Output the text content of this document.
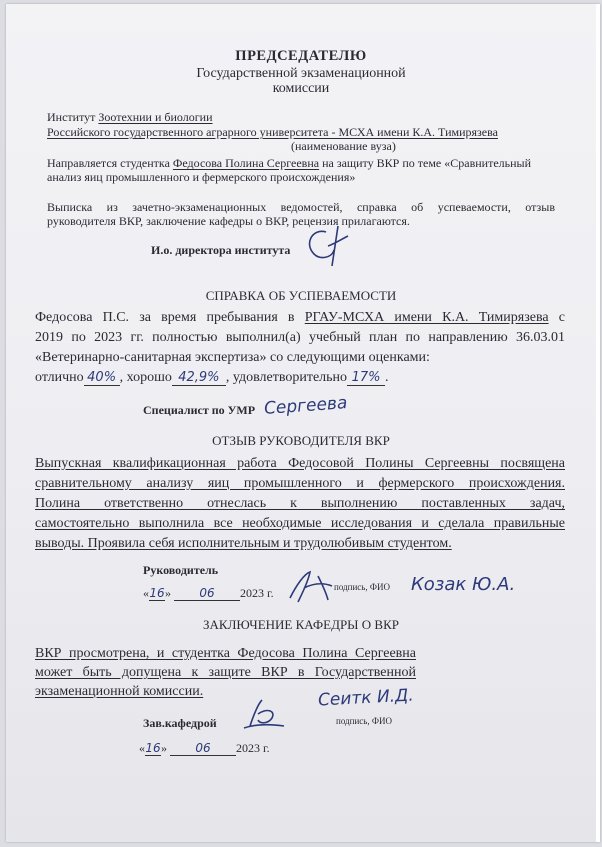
ПРЕДСЕДАТЕЛЮ
Государственной экзаменационной
комиссии
Институт Зоотехнии и биологии
Российского государственного аграрного университета - МСХА имени К.А. Тимирязева
(наименование вуза)
Направляется студентка Федосова Полина Сергеевна на защиту ВКР по теме «Сравнительный
анализ яиц промышленного и фермерского происхождения»
Выписка из зачетно-экзаменационных ведомостей, справка об успеваемости, отзыв
руководителя ВКР, заключение кафедры о ВКР, рецензия прилагаются.
И.о. директора института
СПРАВКА ОБ УСПЕВАЕМОСТИ
Федосова П.С. за время пребывания в РГАУ-МСХА имени К.А. Тимирязева с
2019 по 2023 гг. полностью выполнил(а) учебный план по направлению 36.03.01
«Ветеринарно-санитарная экспертиза» со следующими оценками:
отлично 40% , хорошо 42,9% , удовлетворительно 17% .
Специалист по УМР Сергеева
ОТЗЫВ РУКОВОДИТЕЛЯ ВКР
Выпускная квалификационная работа Федосовой Полины Сергеевны посвящена
сравнительному анализу яиц промышленного и фермерского происхождения.
Полина ответственно отнеслась к выполнению поставленных задач,
самостоятельно выполнила все необходимые исследования и сделала правильные
выводы. Проявила себя исполнительным и трудолюбивым студентом.
Руководитель
«16» 06 2023 г.	подпись, ФИО Козак Ю.А.
ЗАКЛЮЧЕНИЕ КАФЕДРЫ О ВКР
ВКР просмотрена, и студентка Федосова Полина Сергеевна
может быть допущена к защите ВКР в Государственной
экзаменационной комиссии.
Зав.кафедрой
Сеитк И.Д.
подпись, ФИО
«16» 06 2023 г.
